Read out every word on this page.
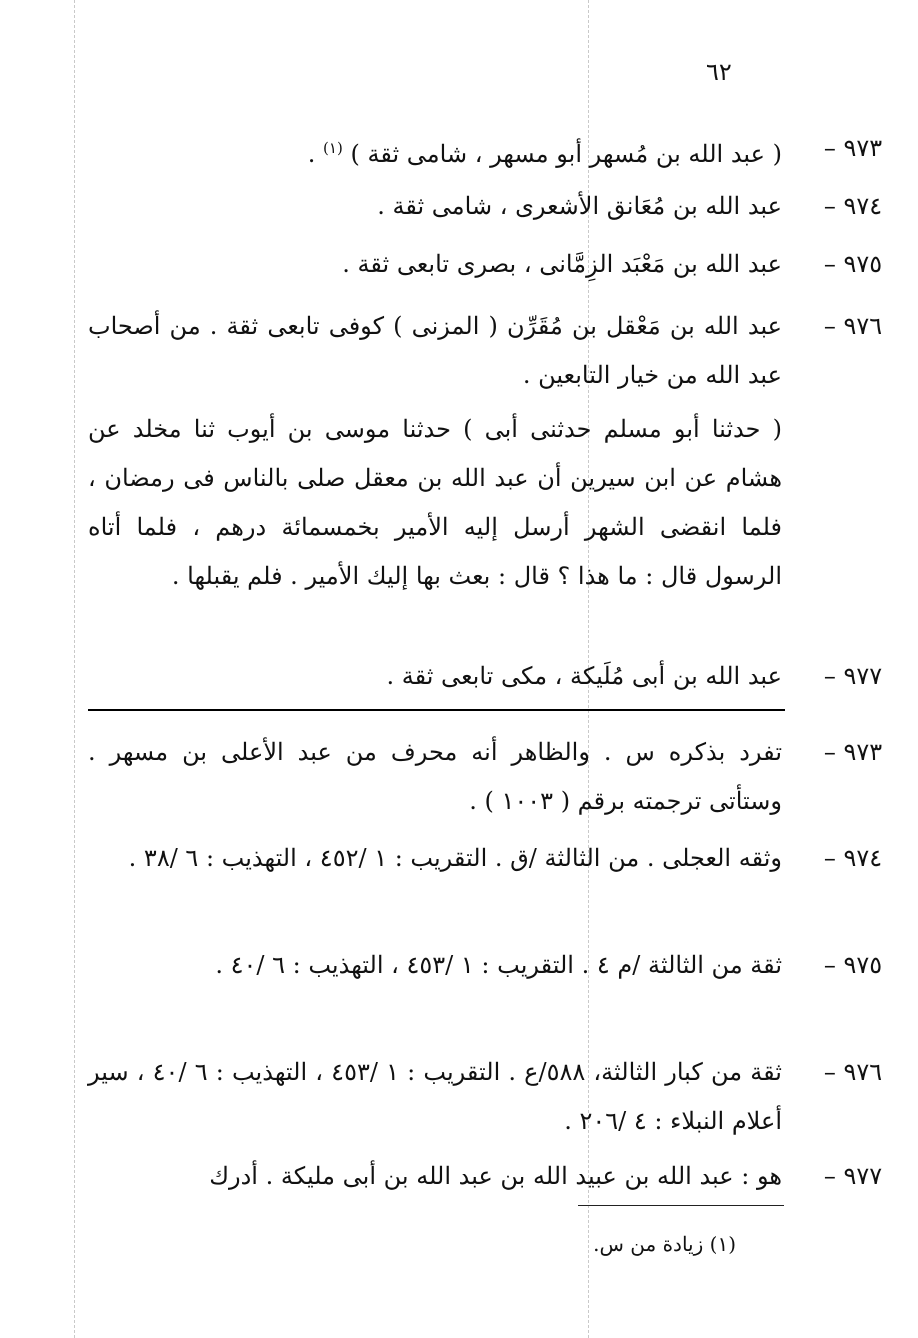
٦٢
٩٧٣ –
( عبد الله بن مُسهر أبو مسهر ، شامى ثقة ) $^{(١)}$ .
٩٧٤ –
عبد الله بن مُعَانق الأشعرى ، شامى ثقة .
٩٧٥ –
عبد الله بن مَعْبَد الزِمَّانى ، بصرى تابعى ثقة .
٩٧٦ –
عبد الله بن مَعْقل بن مُقَرِّن ( المزنى ) كوفى تابعى ثقة . من أصحاب عبد الله من خيار التابعين .
( حدثنا أبو مسلم حدثنى أبى ) حدثنا موسى بن أيوب ثنا مخلد عن هشام عن ابن سيرين أن عبد الله بن معقل صلى بالناس فى رمضان ، فلما انقضى الشهر أرسل إليه الأمير بخمسمائة درهم ، فلما أتاه الرسول قال : ما هذا ؟ قال : بعث بها إليك الأمير . فلم يقبلها .
٩٧٧ –
عبد الله بن أبى مُلَيكة ، مكى تابعى ثقة .
٩٧٣ –
تفرد بذكره س . والظاهر أنه محرف من عبد الأعلى بن مسهر . وستأتى ترجمته برقم ( ١٠٠٣ ) .
٩٧٤ –
وثقه العجلى . من الثالثة /ق . التقريب : ١ /٤٥٢ ، التهذيب : ٦ /٣٨ .
٩٧٥ –
ثقة من الثالثة /م ٤ . التقريب : ١ /٤٥٣ ، التهذيب : ٦ /٤٠ .
٩٧٦ –
ثقة من كبار الثالثة، ٥٨٨/ع . التقريب : ١ /٤٥٣ ، التهذيب : ٦ /٤٠ ، سير أعلام النبلاء : ٤ /٢٠٦ .
٩٧٧ –
هو : عبد الله بن عبيد الله بن عبد الله بن أبى مليكة . أدرك
(١) زيادة من س.
